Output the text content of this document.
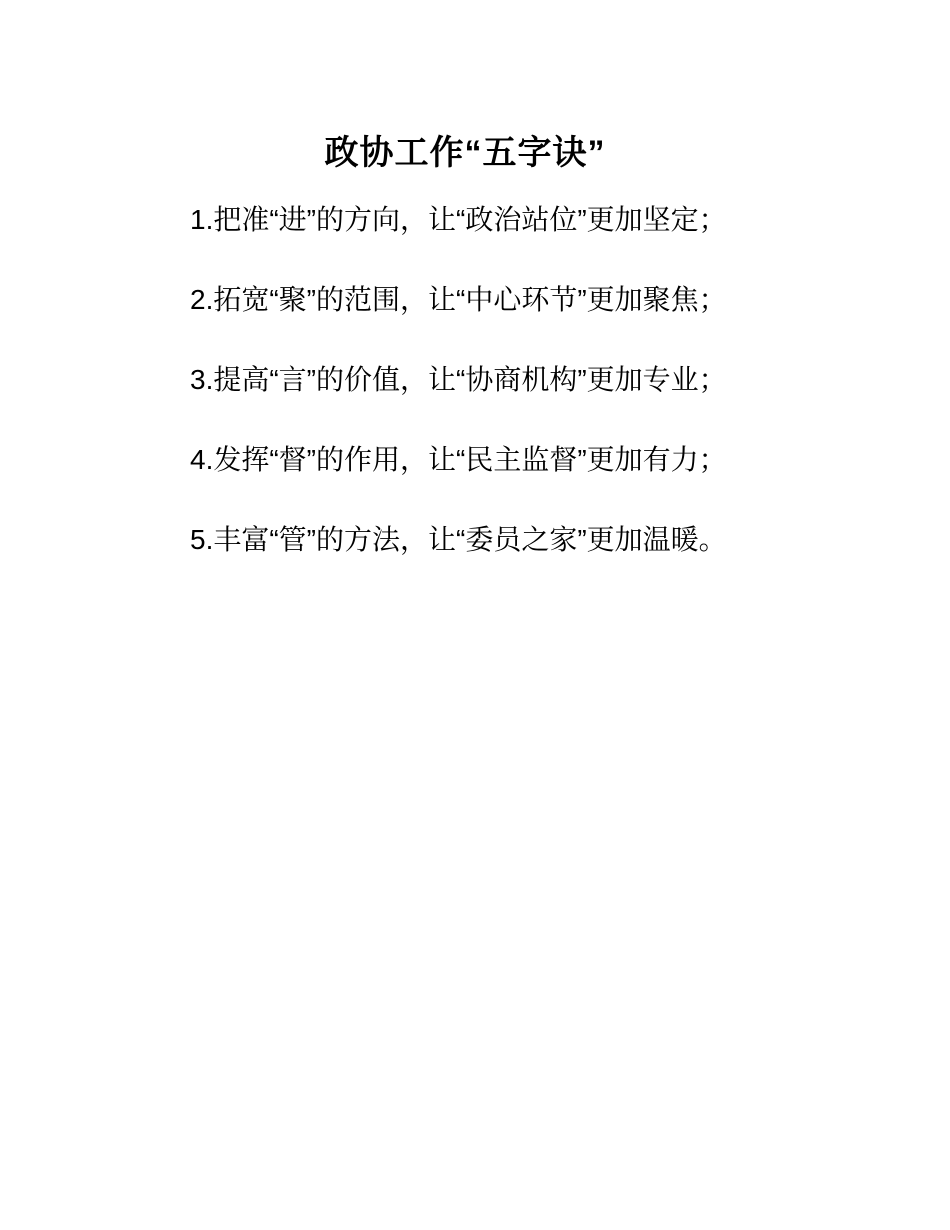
政协工作“五字诀”

1.把准“进”的方向，让“政治站位”更加坚定；

2.拓宽“聚”的范围，让“中心环节”更加聚焦；

3.提高“言”的价值，让“协商机构”更加专业；

4.发挥“督”的作用，让“民主监督”更加有力；

5.丰富“管”的方法，让“委员之家”更加温暖。
